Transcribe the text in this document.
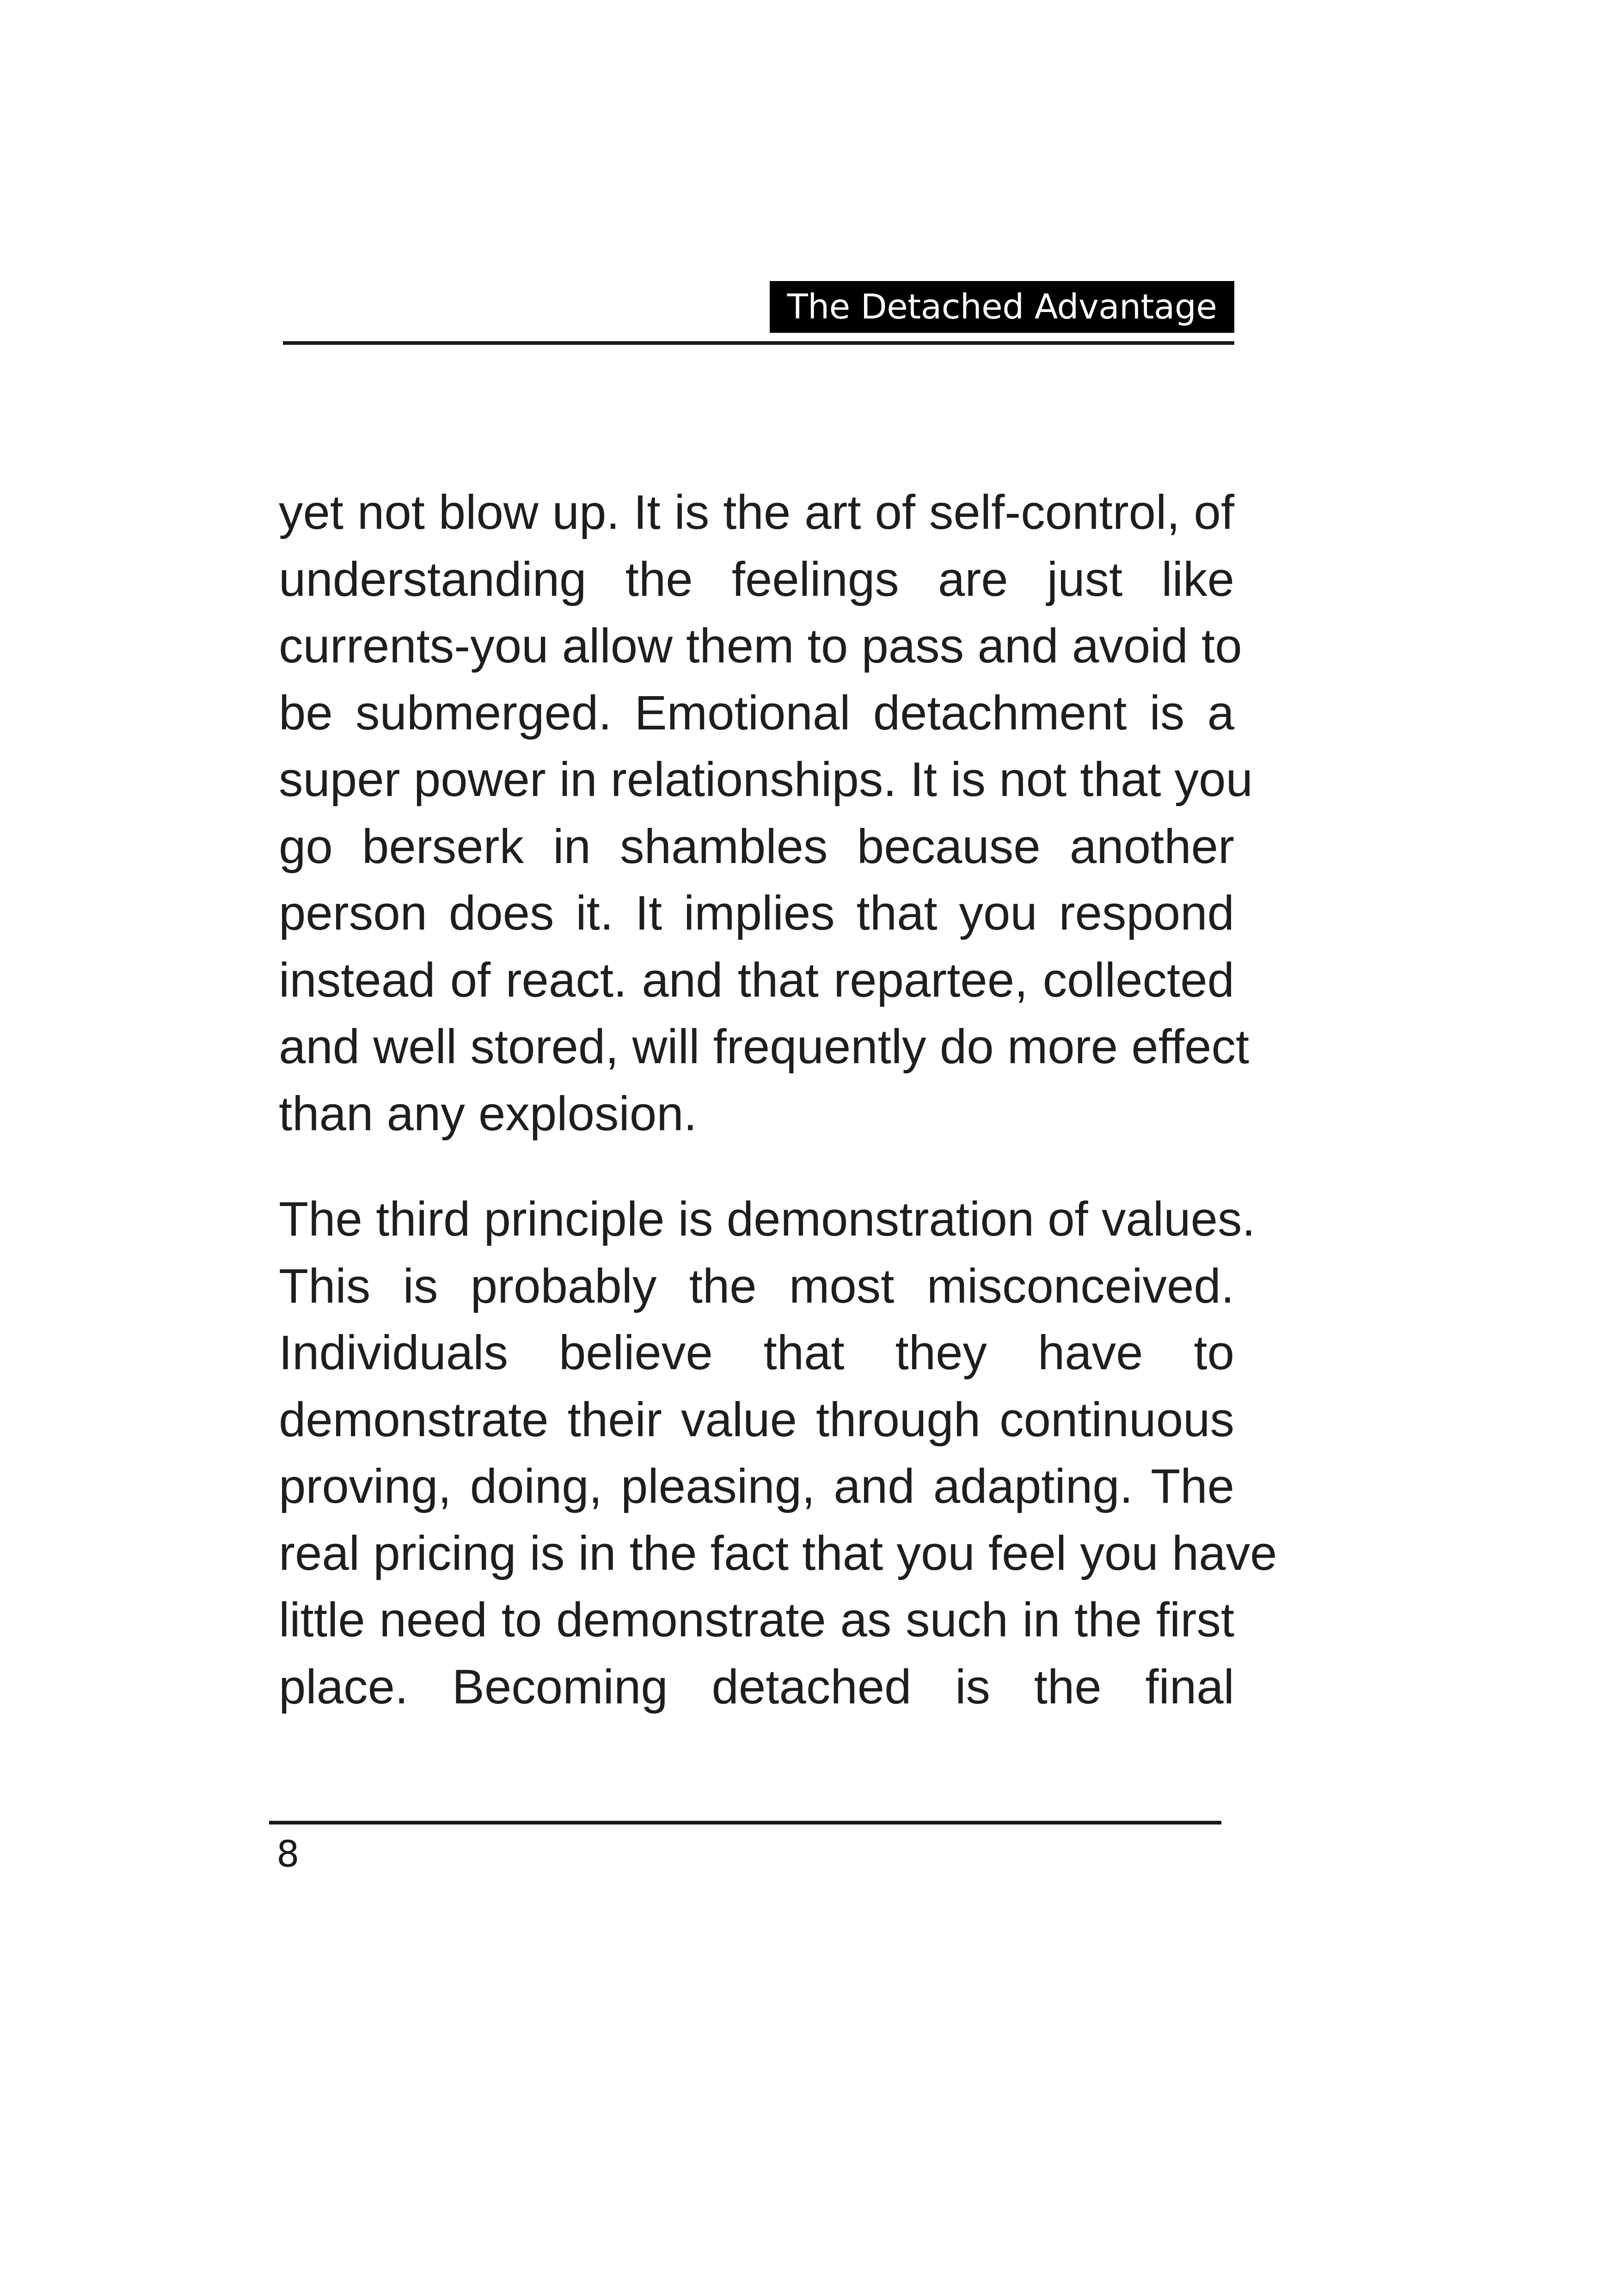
The Detached Advantage
yet not blow up. It is the art of self-control, of
understanding the feelings are just like
currents-you allow them to pass and avoid to
be submerged. Emotional detachment is a
super power in relationships. It is not that you
go berserk in shambles because another
person does it. It implies that you respond
instead of react. and that repartee, collected
and well stored, will frequently do more effect
than any explosion.
The third principle is demonstration of values.
This is probably the most misconceived.
Individuals believe that they have to
demonstrate their value through continuous
proving, doing, pleasing, and adapting. The
real pricing is in the fact that you feel you have
little need to demonstrate as such in the first
place. Becoming detached is the final
8
